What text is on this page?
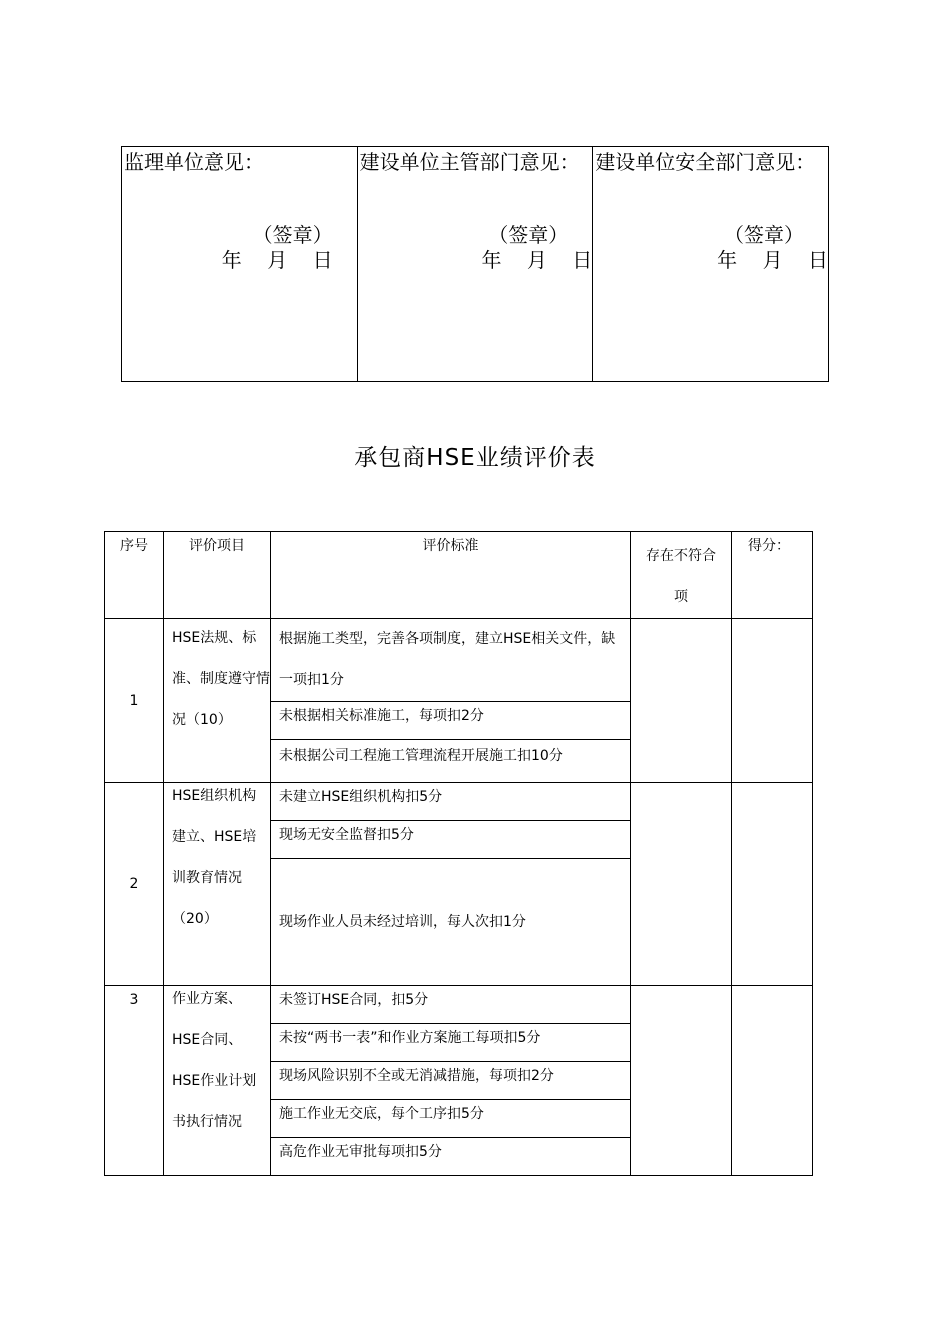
监理单位意见：
（签章）
年    月    日

建设单位主管部门意见：
（签章）
年    月    日

建设单位安全部门意见：
（签章）
年    月    日
承包商HSE业绩评价表
序号	评价项目	评价标准	存在不符合项	得分：
1	HSE法规、标准、制度遵守情况（10）	根据施工类型，完善各项制度，建立HSE相关文件，缺一项扣1分		
		未根据相关标准施工，每项扣2分		
		未根据公司工程施工管理流程开展施工扣10分		
2	HSE组织机构建立、HSE培训教育情况（20）	未建立HSE组织机构扣5分		
		现场无安全监督扣5分		
		现场作业人员未经过培训，每人次扣1分		
3	作业方案、HSE合同、HSE作业计划书执行情况	未签订HSE合同，扣5分		
		未按“两书一表”和作业方案施工每项扣5分		
		现场风险识别不全或无消减措施，每项扣2分		
		施工作业无交底，每个工序扣5分		
		高危作业无审批每项扣5分		
